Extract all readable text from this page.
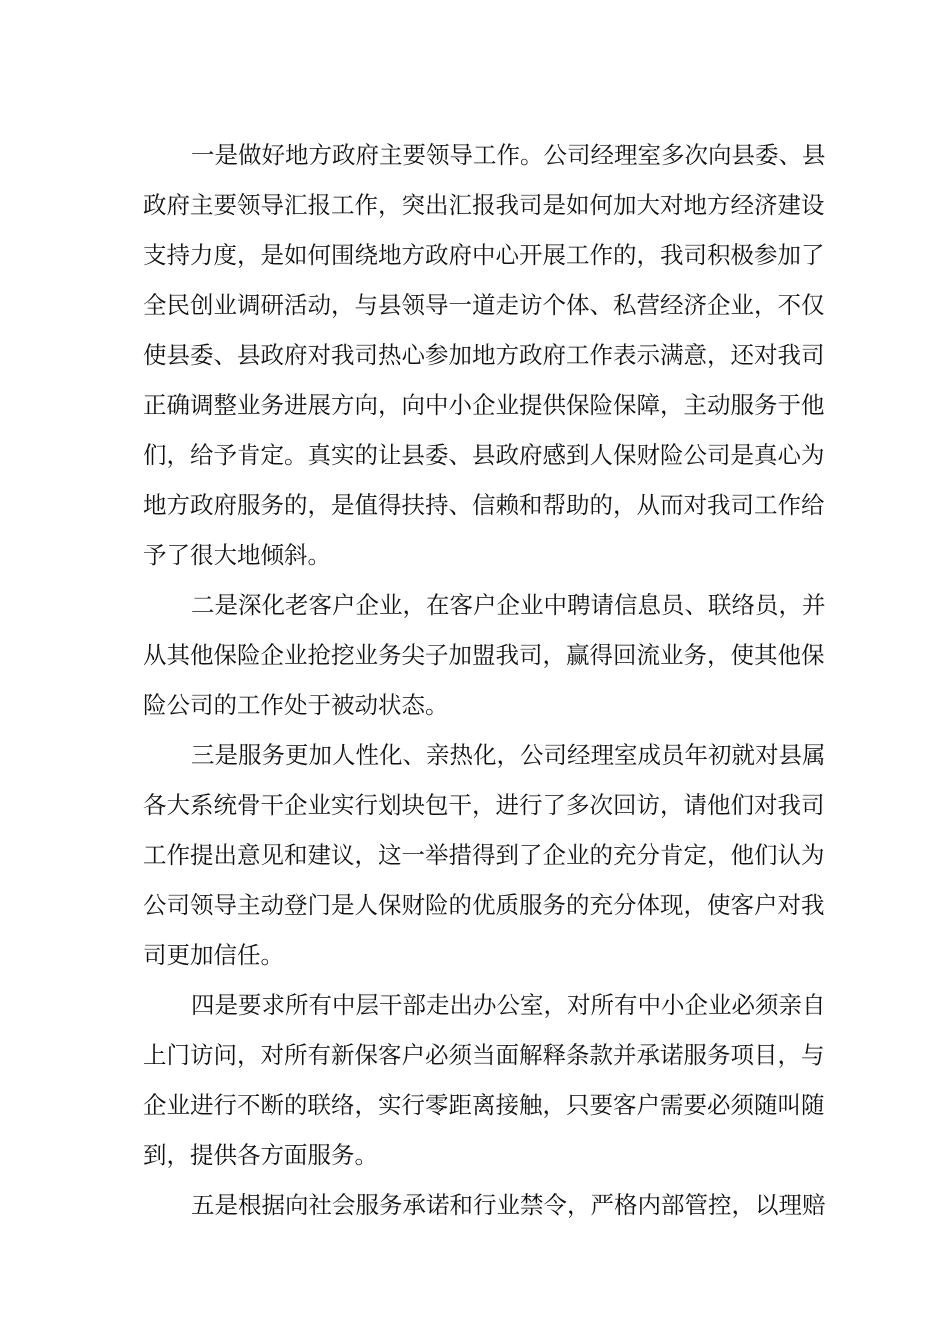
一是做好地方政府主要领导工作。公司经理室多次向县委、县
政府主要领导汇报工作，突出汇报我司是如何加大对地方经济建设
支持力度，是如何围绕地方政府中心开展工作的，我司积极参加了
全民创业调研活动，与县领导一道走访个体、私营经济企业，不仅
使县委、县政府对我司热心参加地方政府工作表示满意，还对我司
正确调整业务进展方向，向中小企业提供保险保障，主动服务于他
们，给予肯定。真实的让县委、县政府感到人保财险公司是真心为
地方政府服务的，是值得扶持、信赖和帮助的，从而对我司工作给
予了很大地倾斜。
二是深化老客户企业，在客户企业中聘请信息员、联络员，并
从其他保险企业抢挖业务尖子加盟我司，赢得回流业务，使其他保
险公司的工作处于被动状态。
三是服务更加人性化、亲热化，公司经理室成员年初就对县属
各大系统骨干企业实行划块包干，进行了多次回访，请他们对我司
工作提出意见和建议，这一举措得到了企业的充分肯定，他们认为
公司领导主动登门是人保财险的优质服务的充分体现，使客户对我
司更加信任。
四是要求所有中层干部走出办公室，对所有中小企业必须亲自
上门访问，对所有新保客户必须当面解释条款并承诺服务项目，与
企业进行不断的联络，实行零距离接触，只要客户需要必须随叫随
到，提供各方面服务。
五是根据向社会服务承诺和行业禁令，严格内部管控，以理赔
